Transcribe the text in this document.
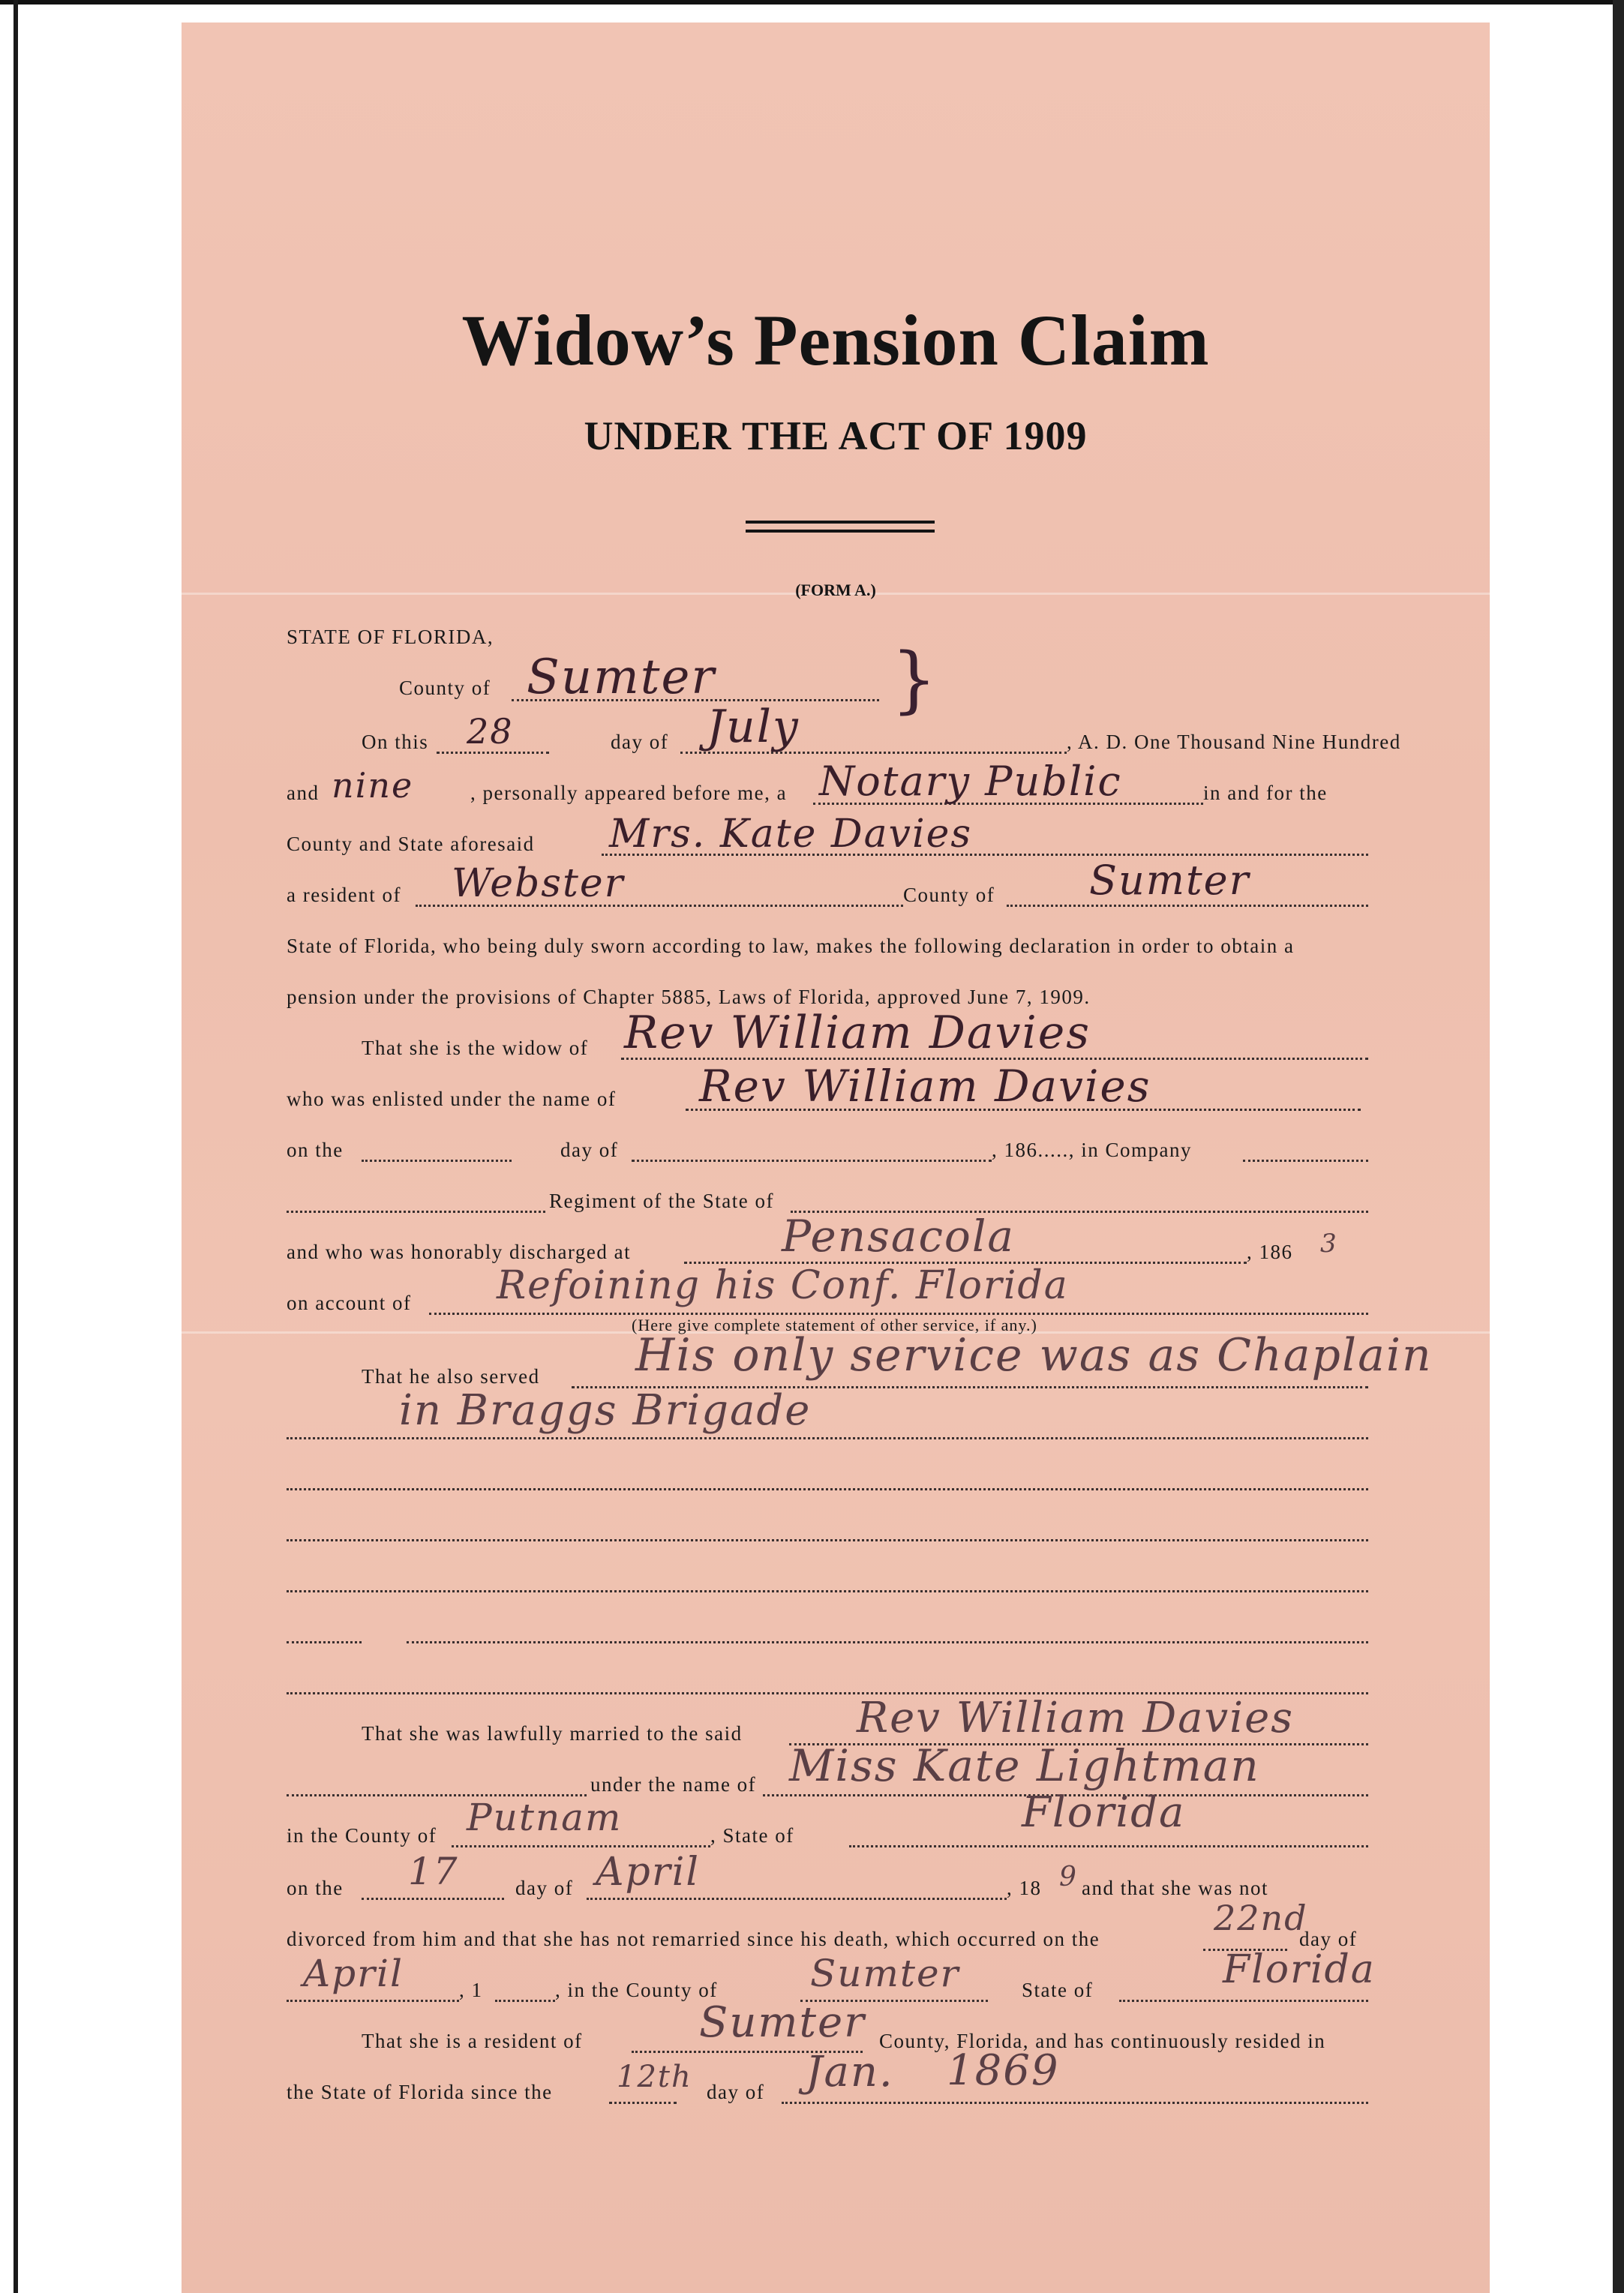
Widow’s Pension Claim
UNDER THE ACT OF 1909
(FORM A.)
STATE OF FLORIDA,
County of Sumter }
On this 28	day of July	, A. D. One Thousand Nine Hundred
and nine	, personally appeared before me, a Notary Public	in and for the
County and State aforesaid Mrs. Kate Davies
a resident of Webster	County of Sumter
State of Florida, who being duly sworn according to law, makes the following declaration in order to obtain a
pension under the provisions of Chapter 5885, Laws of Florida, approved June 7, 1909.
That she is the widow of Rev William Davies
who was enlisted under the name of Rev William Davies
on the	day of	, 186....., in Company
Regiment of the State of
and who was honorably discharged at	Pensacola	, 186 3
on account of Refoining his Conf. Florida
(Here give complete statement of other service, if any.)
That he also served His only service was as Chaplain
in Braggs Brigade
That she was lawfully married to the said	Rev William Davies
under the name of Miss Kate Lightman
in the County of Putnam	, State of	Florida
on the 17	day of April	, 18 9 and that she was not
divorced from him and that she has not remarried since his death, which occurred on the
22nd
day of
April	, 1	, in the County of Sumter	State of	Florida
That she is a resident of	Sumter County, Florida, and has continuously resided in
the State of Florida since the 12th day of Jan. 1869
